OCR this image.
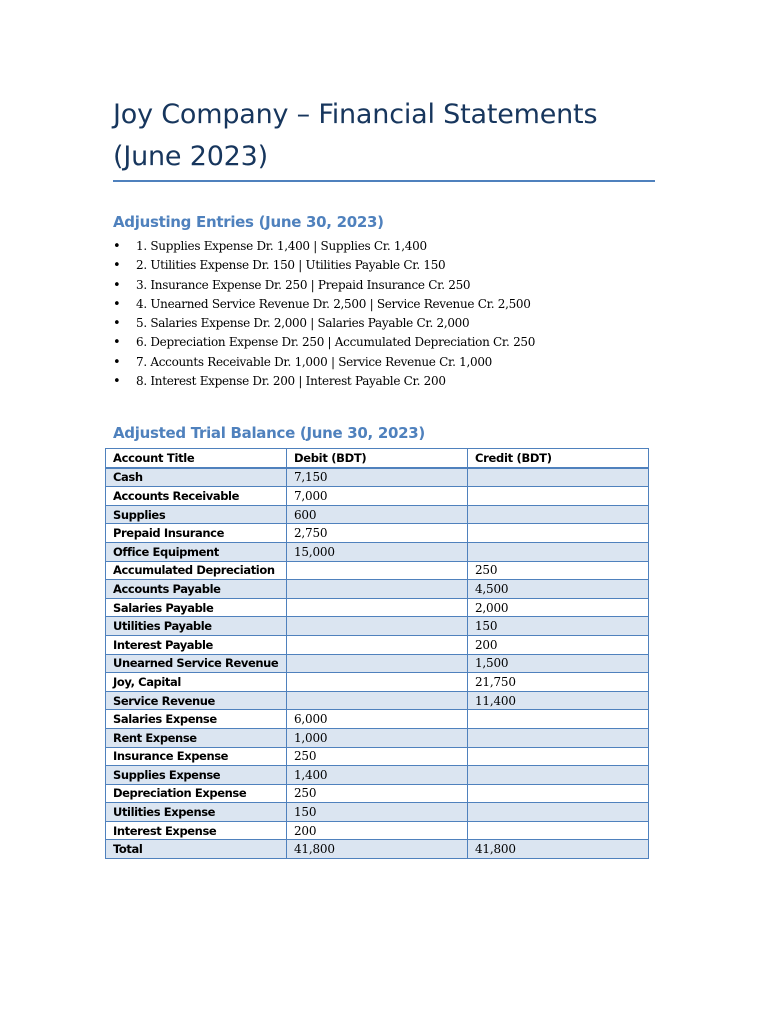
Joy Company – Financial Statements (June 2023)
Adjusting Entries (June 30, 2023)
• 1. Supplies Expense Dr. 1,400 | Supplies Cr. 1,400
• 2. Utilities Expense Dr. 150 | Utilities Payable Cr. 150
• 3. Insurance Expense Dr. 250 | Prepaid Insurance Cr. 250
• 4. Unearned Service Revenue Dr. 2,500 | Service Revenue Cr. 2,500
• 5. Salaries Expense Dr. 2,000 | Salaries Payable Cr. 2,000
• 6. Depreciation Expense Dr. 250 | Accumulated Depreciation Cr. 250
• 7. Accounts Receivable Dr. 1,000 | Service Revenue Cr. 1,000
• 8. Interest Expense Dr. 200 | Interest Payable Cr. 200
Adjusted Trial Balance (June 30, 2023)
Account Title	Debit (BDT)	Credit (BDT)
Cash	7,150	
Accounts Receivable	7,000	
Supplies	600	
Prepaid Insurance	2,750	
Office Equipment	15,000	
Accumulated Depreciation		250
Accounts Payable		4,500
Salaries Payable		2,000
Utilities Payable		150
Interest Payable		200
Unearned Service Revenue		1,500
Joy, Capital		21,750
Service Revenue		11,400
Salaries Expense	6,000	
Rent Expense	1,000	
Insurance Expense	250	
Supplies Expense	1,400	
Depreciation Expense	250	
Utilities Expense	150	
Interest Expense	200	
Total	41,800	41,800
